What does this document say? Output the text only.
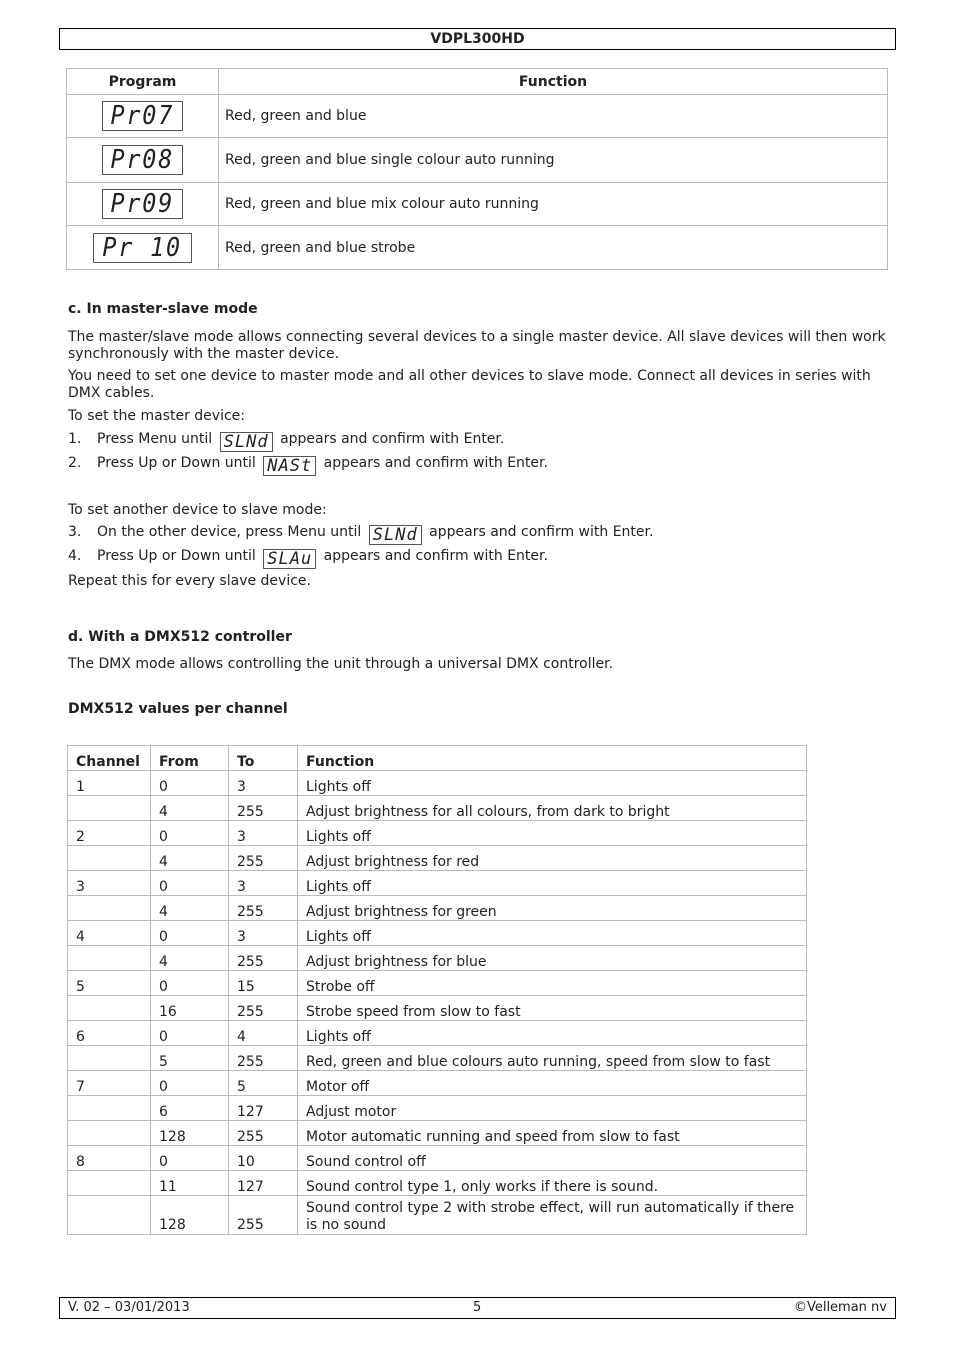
VDPL300HD
Program	Function
Pr07	Red, green and blue
Pr08	Red, green and blue single colour auto running
Pr09	Red, green and blue mix colour auto running
Pr 10	Red, green and blue strobe
c. In master-slave mode
The master/slave mode allows connecting several devices to a single master device. All slave devices will then work synchronously with the master device.
You need to set one device to master mode and all other devices to slave mode. Connect all devices in series with DMX cables.
To set the master device:
1. Press Menu until SLNd appears and confirm with Enter.
2. Press Up or Down until NASt appears and confirm with Enter.
To set another device to slave mode:
3. On the other device, press Menu until SLNd appears and confirm with Enter.
4. Press Up or Down until SLAu appears and confirm with Enter.
Repeat this for every slave device.
d. With a DMX512 controller
The DMX mode allows controlling the unit through a universal DMX controller.
DMX512 values per channel
Channel	From	To	Function
1	0	3	Lights off
	4	255	Adjust brightness for all colours, from dark to bright
2	0	3	Lights off
	4	255	Adjust brightness for red
3	0	3	Lights off
	4	255	Adjust brightness for green
4	0	3	Lights off
	4	255	Adjust brightness for blue
5	0	15	Strobe off
	16	255	Strobe speed from slow to fast
6	0	4	Lights off
	5	255	Red, green and blue colours auto running, speed from slow to fast
7	0	5	Motor off
	6	127	Adjust motor
	128	255	Motor automatic running and speed from slow to fast
8	0	10	Sound control off
	11	127	Sound control type 1, only works if there is sound.
	128	255	Sound control type 2 with strobe effect, will run automatically if there is no sound
V. 02 – 03/01/2013	5	©Velleman nv
